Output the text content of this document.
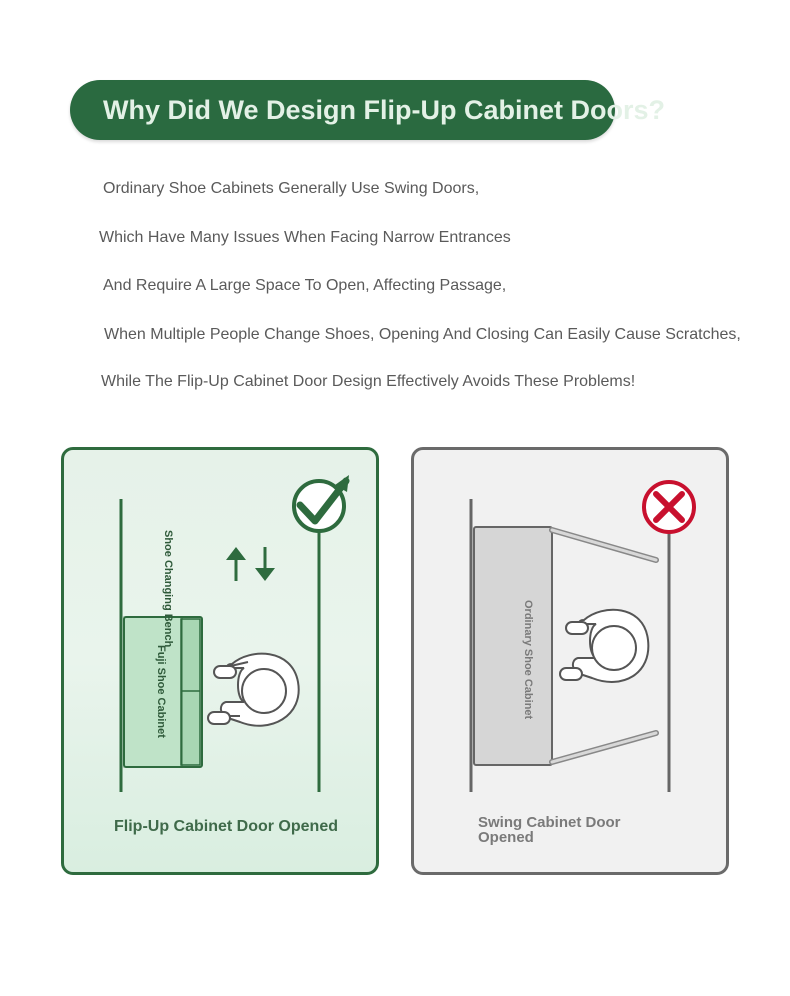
Why Did We Design Flip-Up Cabinet Doors?
Ordinary Shoe Cabinets Generally Use Swing Doors,
Which Have Many Issues When Facing Narrow Entrances
And Require A Large Space To Open, Affecting Passage,
When Multiple People Change Shoes, Opening And Closing Can Easily Cause Scratches,
While The Flip-Up Cabinet Door Design Effectively Avoids These Problems!
Shoe Changing Bench
Fuji Shoe Cabinet	Ordinary Shoe Cabinet
Flip-Up Cabinet Door Opened	Swing Cabinet Door Opened
